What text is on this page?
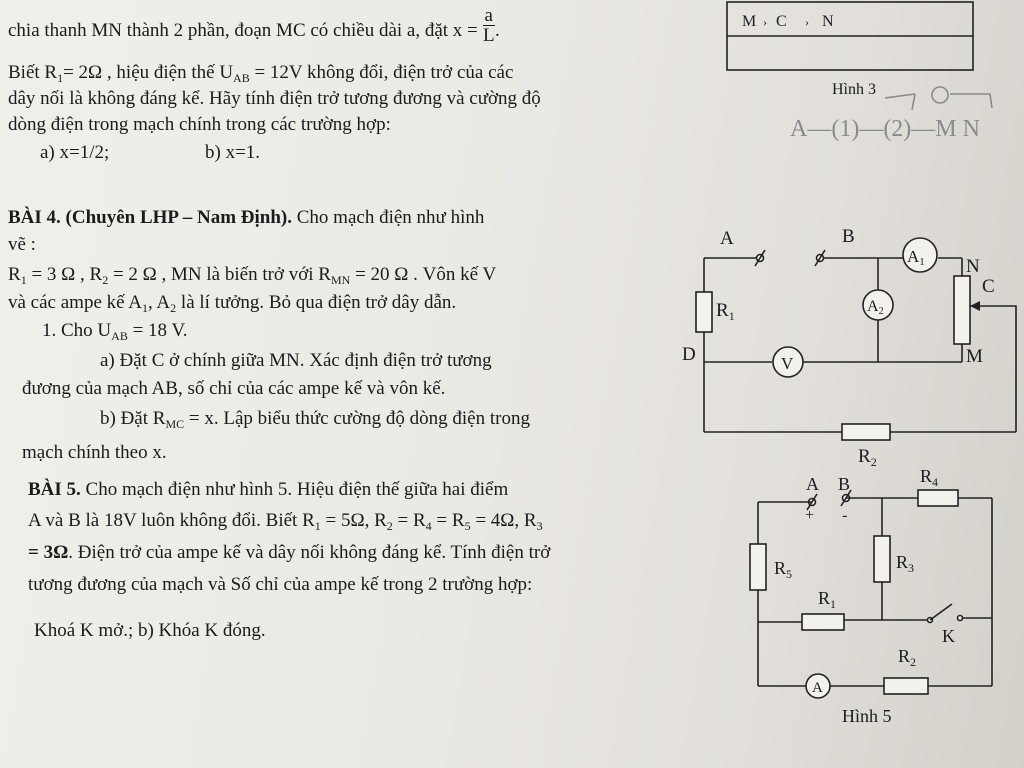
chia thanh MN thành 2 phần, đoạn MC có chiều dài a, đặt $x = \frac{a}{L}$ .
Biết $R_1= 2\Omega$ , hiệu điện thế $U_{AB} = 12V$ không đổi, điện trở của các
dây nối là không đáng kể. Hãy tính điện trở tương đương và cường độ
dòng điện trong mạch chính trong các trường hợp:
a) x=1/2;	b) x=1.
M › C › N
Hình 3
A—(1)—(2)—M N
BÀI 4. (Chuyên LHP – Nam Định). Cho mạch điện như hình
vẽ :
$R_1 = 3$ Ω , $R_2 = 2$ Ω , MN là biến trở với $R_{MN} = 20$ Ω . Vôn kế V
và các ampe kế $A_1$, $A_2$ là lí tưởng. Bỏ qua điện trở dây dẫn.
1. Cho $U_{AB} = 18$ V.
a) Đặt C ở chính giữa MN. Xác định điện trở tương
đương của mạch AB, số chỉ của các ampe kế và vôn kế.
b) Đặt $R_{MC} = x$. Lập biểu thức cường độ dòng điện trong
mạch chính theo x.
A	B
$R_1$
D	V
A2
A1 N
C
M
$R_2$
BÀI 5. Cho mạch điện như hình 5. Hiệu điện thế giữa hai điểm
A và B là 18V luôn không đổi. Biết $R_1 = 5\Omega$, $R_2 = R_4 = R_5 = 4\Omega$, $R_3$
= 3Ω. Điện trở của ampe kế và dây nối không đáng kể. Tính điện trở
tương đương của mạch và Số chỉ của ampe kế trong 2 trường hợp:
Khoá K mở.; b) Khóa K đóng.
A B
+ -
$R_4$
$R_5$
$R_3$
$R_1$
K
A
$R_2$
Hình 5
